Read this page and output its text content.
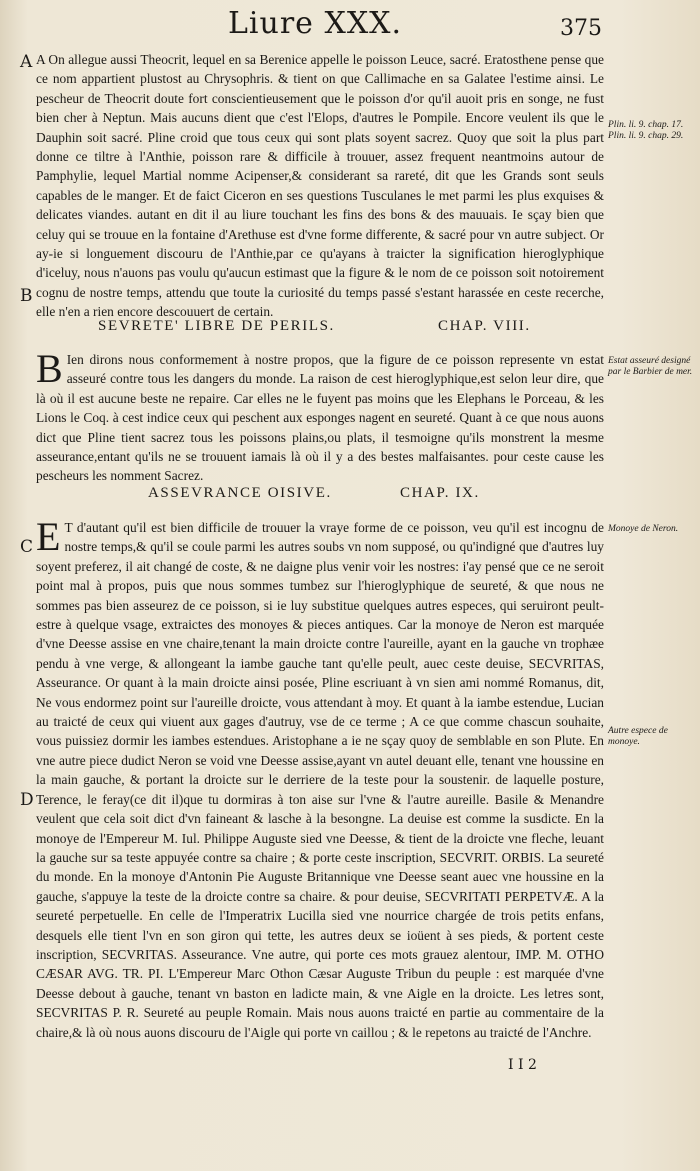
Liure XXX.	375
A
B
C
D

A On allegue aussi Theocrit, lequel en sa Berenice appelle le poisson Leuce, sacré. Eratosthene pense que ce nom appartient plustost au Chrysophris. & tient on que Callimache en sa Galatee l'estime ainsi. Le pescheur de Theocrit doute fort conscientieusement que le poisson d'or qu'il auoit pris en songe, ne fust bien cher à Neptun. Mais aucuns dient que c'est l'Elops, d'autres le Pompile. Encore veulent ils que le Dauphin soit sacré. Pline croid que tous ceux qui sont plats soyent sacrez. Quoy que soit la plus part donne ce tiltre à l'Anthie, poisson rare & difficile à trouuer, assez frequent neantmoins autour de Pamphylie, lequel Martial nomme Acipenser,& considerant sa rareté, dit que les Grands sont seuls capables de le manger. Et de faict Ciceron en ses questions Tusculanes le met parmi les plus exquises & delicates viandes. autant en dit il au liure touchant les fins des bons & des mauuais. Ie sçay bien que celuy qui se trouue en la fontaine d'Arethuse est d'vne forme differente, & sacré pour vn autre subject. Or ay-ie si longuement discouru de l'Anthie,par ce qu'ayans à traicter la signification hieroglyphique d'iceluy, nous n'auons pas voulu qu'aucun estimast que la figure & le nom de ce poisson soit notoirement cognu de nostre temps, attendu que toute la curiosité du temps passé s'estant harassée en ceste recerche, elle n'en a rien encore descouuert de certain.

Plin. li. 9. chap. 17. Plin. li. 9. chap. 29.
SEVRETE' LIBRE DE PERILS.	CHAP. VIII.

B Ien dirons nous conformement à nostre propos, que la figure de ce poisson represente vn estat asseuré contre tous les dangers du monde. La raison de cest hieroglyphique,est selon leur dire, que là où il est aucune beste ne repaire. Car elles ne le fuyent pas moins que les Elephans le Porceau, & les Lions le Coq. à cest indice ceux qui peschent aux esponges nagent en seureté. Quant à ce que nous auons dict que Pline tient sacrez tous les poissons plains,ou plats, il tesmoigne qu'ils monstrent la mesme asseurance,entant qu'ils ne se trouuent iamais là où il y a des bestes malfaisantes. pour ceste cause les pescheurs les nomment Sacrez.

Estat asseuré designé par le Barbier de mer.
ASSEVRANCE OISIVE.	CHAP. IX.

E T d'autant qu'il est bien difficile de trouuer la vraye forme de ce poisson, veu qu'il est incognu de nostre temps,& qu'il se coule parmi les autres soubs vn nom supposé, ou qu'indigné que d'autres luy soyent preferez, il ait changé de coste, & ne daigne plus venir voir les nostres: i'ay pensé que ce ne seroit point mal à propos, puis que nous sommes tumbez sur l'hieroglyphique de seureté, & que nous ne sommes pas bien asseurez de ce poisson, si ie luy substitue quelques autres especes, qui seruiront peult-estre à quelque vsage, extraictes des monoyes & pieces antiques. Car la monoye de Neron est marquée d'vne Deesse assise en vne chaire,tenant la main droicte contre l'aureille, ayant en la gauche vn trophæe pendu à vne verge, & allongeant la iambe gauche tant qu'elle peult, auec ceste deuise, SECVRITAS, Asseurance. Or quant à la main droicte ainsi posée, Pline escriuant à vn sien ami nommé Romanus, dit, Ne vous endormez point sur l'aureille droicte, vous attendant à moy. Et quant à la iambe estendue, Lucian au traicté de ceux qui viuent aux gages d'autruy, vse de ce terme ; A ce que comme chascun souhaite, vous puissiez dormir les iambes estendues. Aristophane a ie ne sçay quoy de semblable en son Plute. En vne autre piece dudict Neron se void vne Deesse assise,ayant vn autel deuant elle, tenant vne houssine en la main gauche, & portant la droicte sur le derriere de la teste pour la soustenir. de laquelle posture, Terence, le feray(ce dit il)que tu dormiras à ton aise sur l'vne & l'autre aureille. Basile & Menandre veulent que cela soit dict d'vn faineant & lasche à la besongne. La deuise est comme la susdicte. En la monoye de l'Empereur M. Iul. Philippe Auguste sied vne Deesse, & tient de la droicte vne fleche, leuant la gauche sur sa teste appuyée contre sa chaire ; & porte ceste inscription, SECVRIT. ORBIS. La seureté du monde. En la monoye d'Antonin Pie Auguste Britannique vne Deesse seant auec vne houssine en la gauche, s'appuye la teste de la droicte contre sa chaire. & pour deuise, SECVRITATI PERPETVÆ. A la seureté perpetuelle. En celle de l'Imperatrix Lucilla sied vne nourrice chargée de trois petits enfans, desquels elle tient l'vn en son giron qui tette, les autres deux se ioüent à ses pieds, & portent ceste inscription, SECVRITAS. Asseurance. Vne autre, qui porte ces mots grauez alentour, IMP. M. OTHO CÆSAR AVG. TR. PI. L'Empereur Marc Othon Cæsar Auguste Tribun du peuple : est marquée d'vne Deesse debout à gauche, tenant vn baston en ladicte main, & vne Aigle en la droicte. Les letres sont, SECVRITAS P. R. Seureté au peuple Romain. Mais nous auons traicté en partie au commentaire de la chaire,& là où nous auons discouru de l'Aigle qui porte vn caillou ; & le repetons au traicté de l'Anchre.

Monoye de Neron.
Autre espece de monoye.
I I 2
